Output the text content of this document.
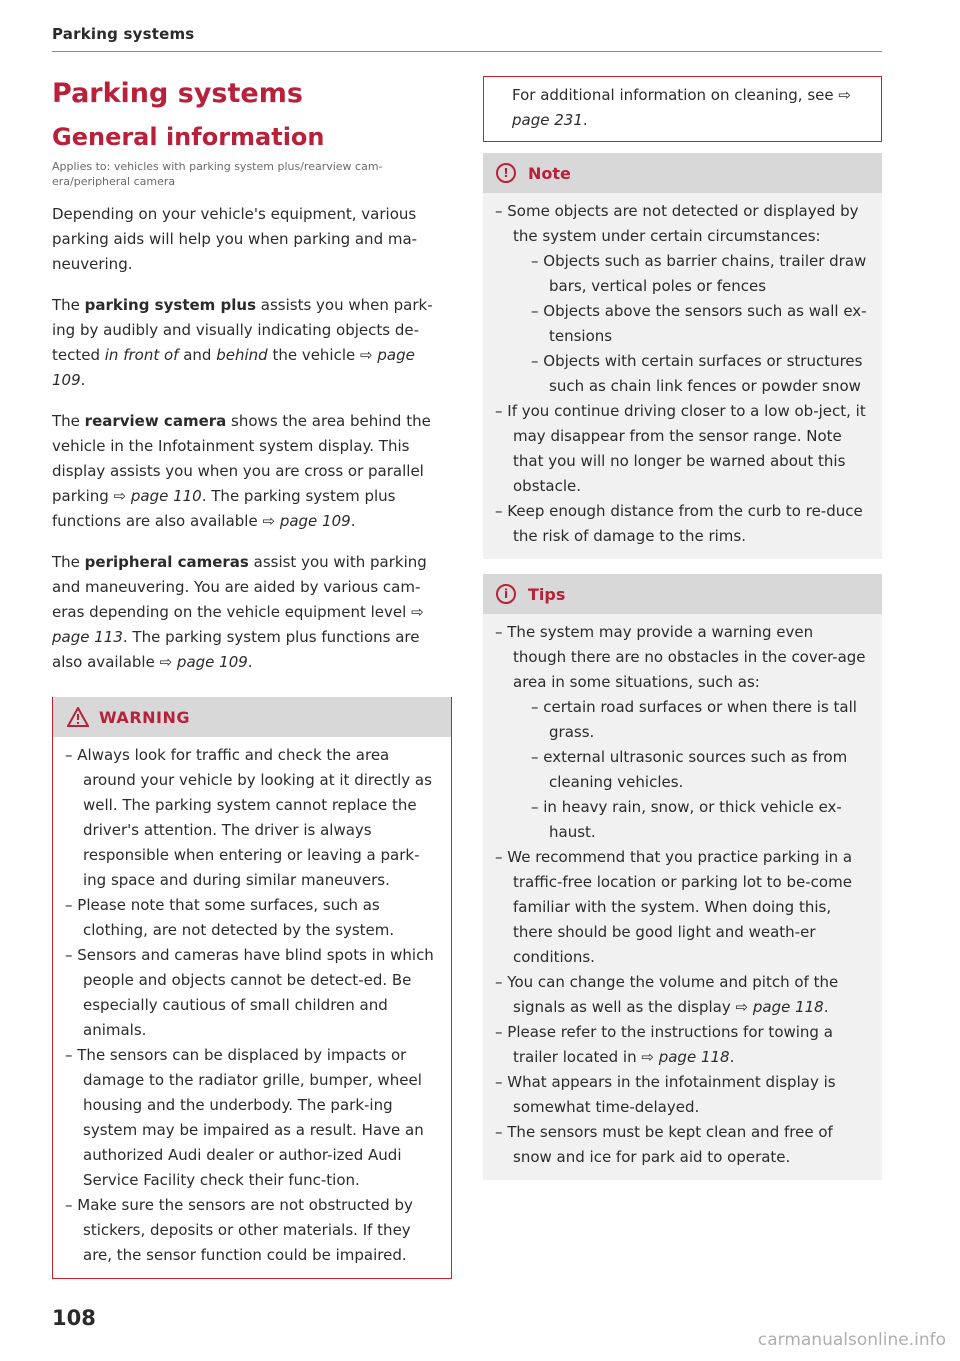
Parking systems
Parking systems
General information
Applies to: vehicles with parking system plus/rearview cam-era/peripheral camera

Depending on your vehicle's equipment, various parking aids will help you when parking and ma-neuvering.

The parking system plus assists you when park-ing by audibly and visually indicating objects de-tected in front of and behind the vehicle ⇨ page 109.

The rearview camera shows the area behind the vehicle in the Infotainment system display. This display assists you when you are cross or parallel parking ⇨ page 110. The parking system plus functions are also available ⇨ page 109.

The peripheral cameras assist you with parking and maneuvering. You are aided by various cam-eras depending on the vehicle equipment level ⇨ page 113. The parking system plus functions are also available ⇨ page 109.

WARNING
– Always look for traffic and check the area around your vehicle by looking at it directly as well. The parking system cannot replace the driver's attention. The driver is always responsible when entering or leaving a park-ing space and during similar maneuvers.
– Please note that some surfaces, such as clothing, are not detected by the system.
– Sensors and cameras have blind spots in which people and objects cannot be detect-ed. Be especially cautious of small children and animals.
– The sensors can be displaced by impacts or damage to the radiator grille, bumper, wheel housing and the underbody. The park-ing system may be impaired as a result. Have an authorized Audi dealer or author-ized Audi Service Facility check their func-tion.
– Make sure the sensors are not obstructed by stickers, deposits or other materials. If they are, the sensor function could be impaired.
For additional information on cleaning, see ⇨ page 231.
!	Note
– Some objects are not detected or displayed by the system under certain circumstances:
– Objects such as barrier chains, trailer draw bars, vertical poles or fences
– Objects above the sensors such as wall ex-tensions
– Objects with certain surfaces or structures such as chain link fences or powder snow
– If you continue driving closer to a low ob-ject, it may disappear from the sensor range. Note that you will no longer be warned about this obstacle.
– Keep enough distance from the curb to re-duce the risk of damage to the rims.
i	Tips
– The system may provide a warning even though there are no obstacles in the cover-age area in some situations, such as:
– certain road surfaces or when there is tall grass.
– external ultrasonic sources such as from cleaning vehicles.
– in heavy rain, snow, or thick vehicle ex-haust.
– We recommend that you practice parking in a traffic-free location or parking lot to be-come familiar with the system. When doing this, there should be good light and weath-er conditions.
– You can change the volume and pitch of the signals as well as the display ⇨ page 118.
– Please refer to the instructions for towing a trailer located in ⇨ page 118.
– What appears in the infotainment display is somewhat time-delayed.
– The sensors must be kept clean and free of snow and ice for park aid to operate.
108
carmanualsonline.info
